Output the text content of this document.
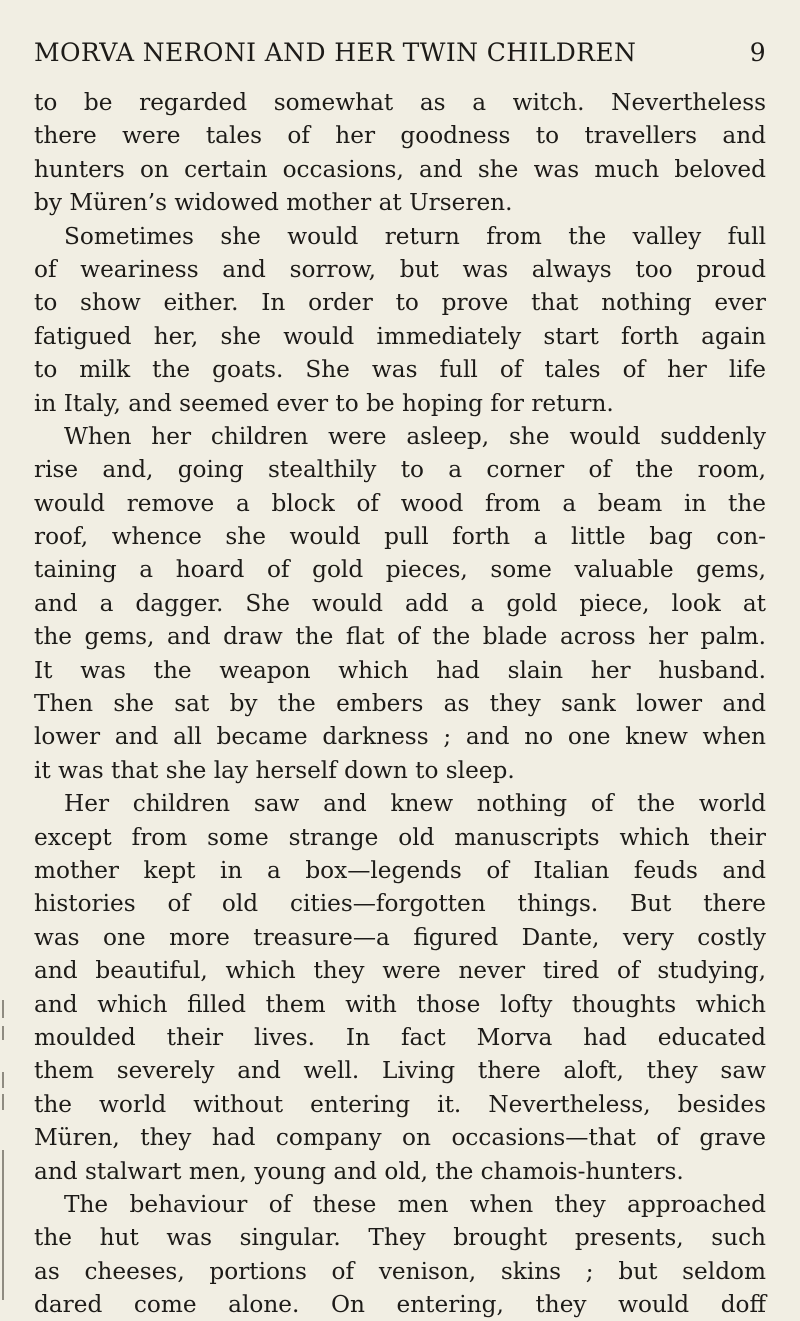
MORVA NERONI AND HER TWIN CHILDREN	9
to be regarded somewhat as a witch. Nevertheless
there were tales of her goodness to travellers and
hunters on certain occasions, and she was much beloved
by Müren’s widowed mother at Urseren.
Sometimes she would return from the valley full
of weariness and sorrow, but was always too proud
to show either. In order to prove that nothing ever
fatigued her, she would immediately start forth again
to milk the goats. She was full of tales of her life
in Italy, and seemed ever to be hoping for return.
When her children were asleep, she would suddenly
rise and, going stealthily to a corner of the room,
would remove a block of wood from a beam in the
roof, whence she would pull forth a little bag con-
taining a hoard of gold pieces, some valuable gems,
and a dagger. She would add a gold piece, look at
the gems, and draw the flat of the blade across her palm.
It was the weapon which had slain her husband.
Then she sat by the embers as they sank lower and
lower and all became darkness ; and no one knew when
it was that she lay herself down to sleep.
Her children saw and knew nothing of the world
except from some strange old manuscripts which their
mother kept in a box—legends of Italian feuds and
histories of old cities—forgotten things. But there
was one more treasure—a figured Dante, very costly
and beautiful, which they were never tired of studying,
and which filled them with those lofty thoughts which
moulded their lives. In fact Morva had educated
them severely and well. Living there aloft, they saw
the world without entering it. Nevertheless, besides
Müren, they had company on occasions—that of grave
and stalwart men, young and old, the chamois-hunters.
The behaviour of these men when they approached
the hut was singular. They brought presents, such
as cheeses, portions of venison, skins ; but seldom
dared come alone. On entering, they would doff
